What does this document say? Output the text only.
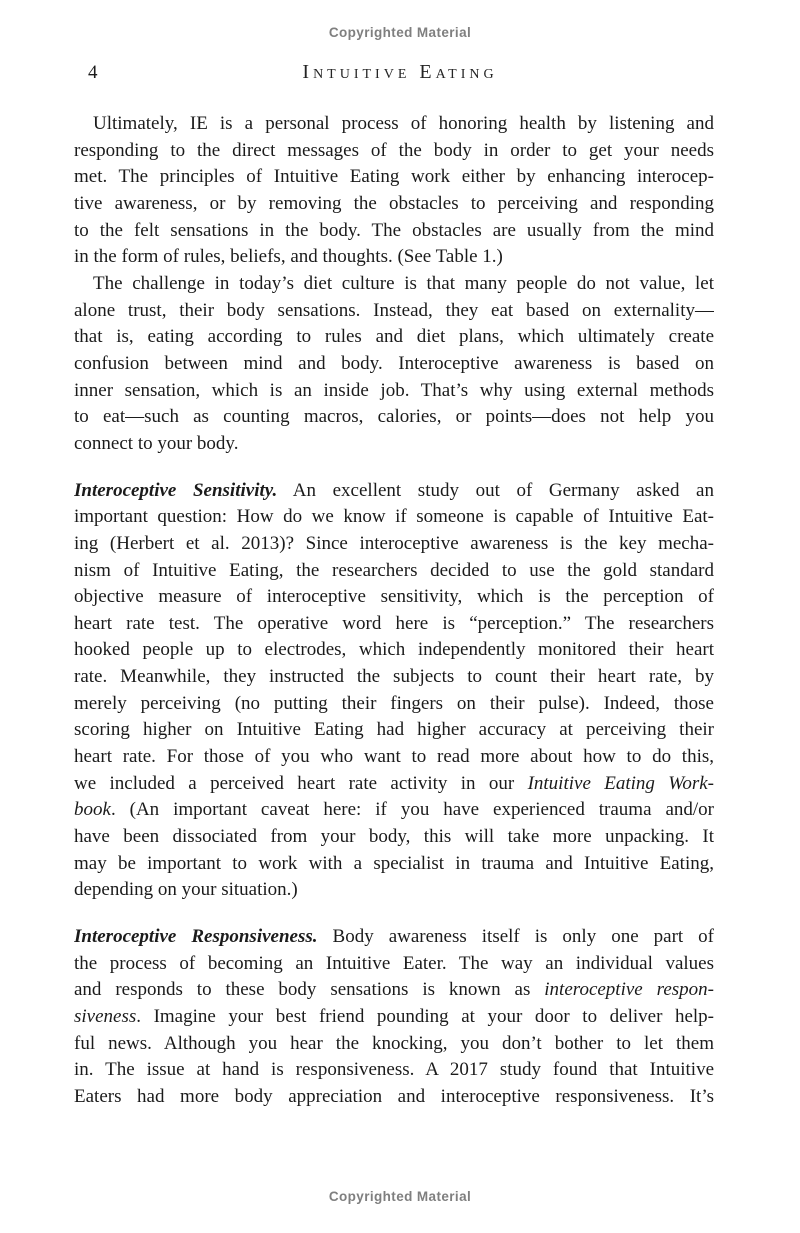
Copyrighted Material
4	Intuitive Eating
Ultimately, IE is a personal process of honoring health by listening and
responding to the direct messages of the body in order to get your needs
met. The principles of Intuitive Eating work either by enhancing interocep-
tive awareness, or by removing the obstacles to perceiving and responding
to the felt sensations in the body. The obstacles are usually from the mind
in the form of rules, beliefs, and thoughts. (See Table 1.)
The challenge in today’s diet culture is that many people do not value, let
alone trust, their body sensations. Instead, they eat based on externality—
that is, eating according to rules and diet plans, which ultimately create
confusion between mind and body. Interoceptive awareness is based on
inner sensation, which is an inside job. That’s why using external methods
to eat—such as counting macros, calories, or points—does not help you
connect to your body.
Interoceptive Sensitivity. An excellent study out of Germany asked an
important question: How do we know if someone is capable of Intuitive Eat-
ing (Herbert et al. 2013)? Since interoceptive awareness is the key mecha-
nism of Intuitive Eating, the researchers decided to use the gold standard
objective measure of interoceptive sensitivity, which is the perception of
heart rate test. The operative word here is “perception.” The researchers
hooked people up to electrodes, which independently monitored their heart
rate. Meanwhile, they instructed the subjects to count their heart rate, by
merely perceiving (no putting their fingers on their pulse). Indeed, those
scoring higher on Intuitive Eating had higher accuracy at perceiving their
heart rate. For those of you who want to read more about how to do this,
we included a perceived heart rate activity in our Intuitive Eating Work-
book. (An important caveat here: if you have experienced trauma and/or
have been dissociated from your body, this will take more unpacking. It
may be important to work with a specialist in trauma and Intuitive Eating,
depending on your situation.)
Interoceptive Responsiveness. Body awareness itself is only one part of
the process of becoming an Intuitive Eater. The way an individual values
and responds to these body sensations is known as interoceptive respon-
siveness. Imagine your best friend pounding at your door to deliver help-
ful news. Although you hear the knocking, you don’t bother to let them
in. The issue at hand is responsiveness. A 2017 study found that Intuitive
Eaters had more body appreciation and interoceptive responsiveness. It’s
Copyrighted Material
